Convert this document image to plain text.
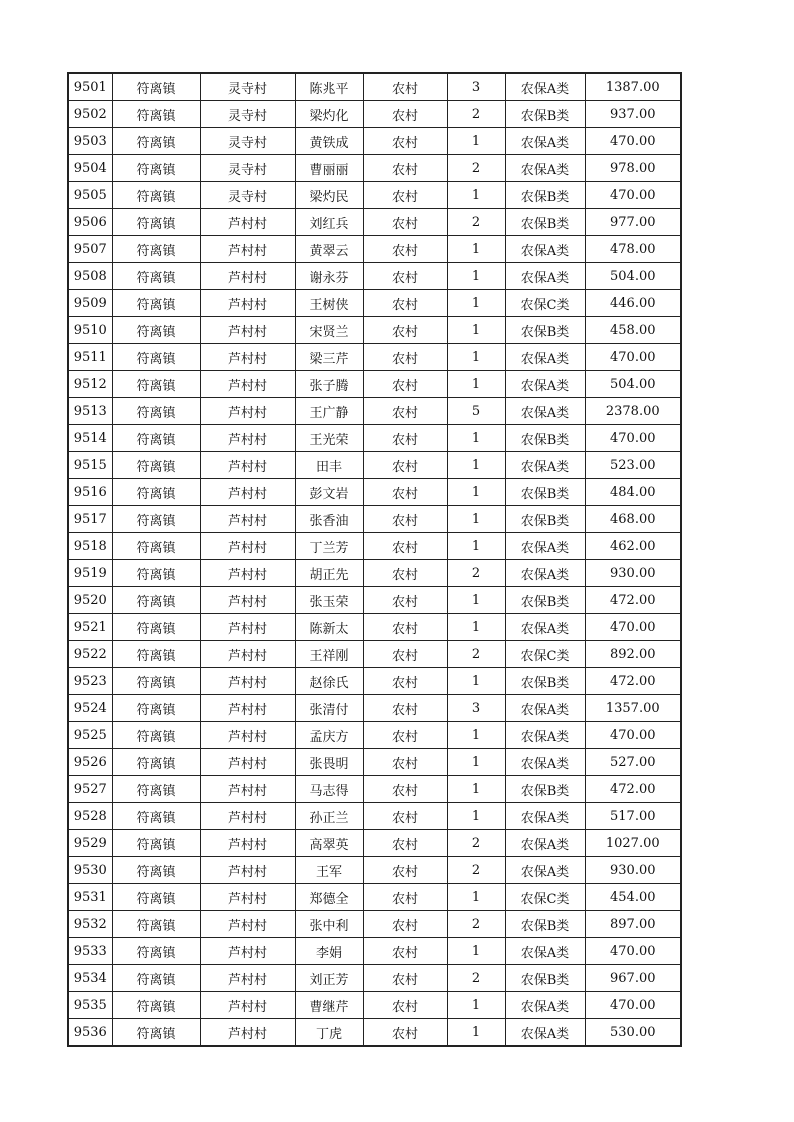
9501	符离镇	灵寺村	陈兆平	农村	3	农保A类	1387.00
9502	符离镇	灵寺村	梁灼化	农村	2	农保B类	937.00
9503	符离镇	灵寺村	黄铁成	农村	1	农保A类	470.00
9504	符离镇	灵寺村	曹丽丽	农村	2	农保A类	978.00
9505	符离镇	灵寺村	梁灼民	农村	1	农保B类	470.00
9506	符离镇	芦村村	刘红兵	农村	2	农保B类	977.00
9507	符离镇	芦村村	黄翠云	农村	1	农保A类	478.00
9508	符离镇	芦村村	谢永芬	农村	1	农保A类	504.00
9509	符离镇	芦村村	王树侠	农村	1	农保C类	446.00
9510	符离镇	芦村村	宋贤兰	农村	1	农保B类	458.00
9511	符离镇	芦村村	梁三芹	农村	1	农保A类	470.00
9512	符离镇	芦村村	张子腾	农村	1	农保A类	504.00
9513	符离镇	芦村村	王广静	农村	5	农保A类	2378.00
9514	符离镇	芦村村	王光荣	农村	1	农保B类	470.00
9515	符离镇	芦村村	田丰	农村	1	农保A类	523.00
9516	符离镇	芦村村	彭文岩	农村	1	农保B类	484.00
9517	符离镇	芦村村	张香油	农村	1	农保B类	468.00
9518	符离镇	芦村村	丁兰芳	农村	1	农保A类	462.00
9519	符离镇	芦村村	胡正先	农村	2	农保A类	930.00
9520	符离镇	芦村村	张玉荣	农村	1	农保B类	472.00
9521	符离镇	芦村村	陈新太	农村	1	农保A类	470.00
9522	符离镇	芦村村	王祥刚	农村	2	农保C类	892.00
9523	符离镇	芦村村	赵徐氏	农村	1	农保B类	472.00
9524	符离镇	芦村村	张清付	农村	3	农保A类	1357.00
9525	符离镇	芦村村	孟庆方	农村	1	农保A类	470.00
9526	符离镇	芦村村	张畏明	农村	1	农保A类	527.00
9527	符离镇	芦村村	马志得	农村	1	农保B类	472.00
9528	符离镇	芦村村	孙正兰	农村	1	农保A类	517.00
9529	符离镇	芦村村	高翠英	农村	2	农保A类	1027.00
9530	符离镇	芦村村	王军	农村	2	农保A类	930.00
9531	符离镇	芦村村	郑德全	农村	1	农保C类	454.00
9532	符离镇	芦村村	张中利	农村	2	农保B类	897.00
9533	符离镇	芦村村	李娟	农村	1	农保A类	470.00
9534	符离镇	芦村村	刘正芳	农村	2	农保B类	967.00
9535	符离镇	芦村村	曹继芹	农村	1	农保A类	470.00
9536	符离镇	芦村村	丁虎	农村	1	农保A类	530.00
